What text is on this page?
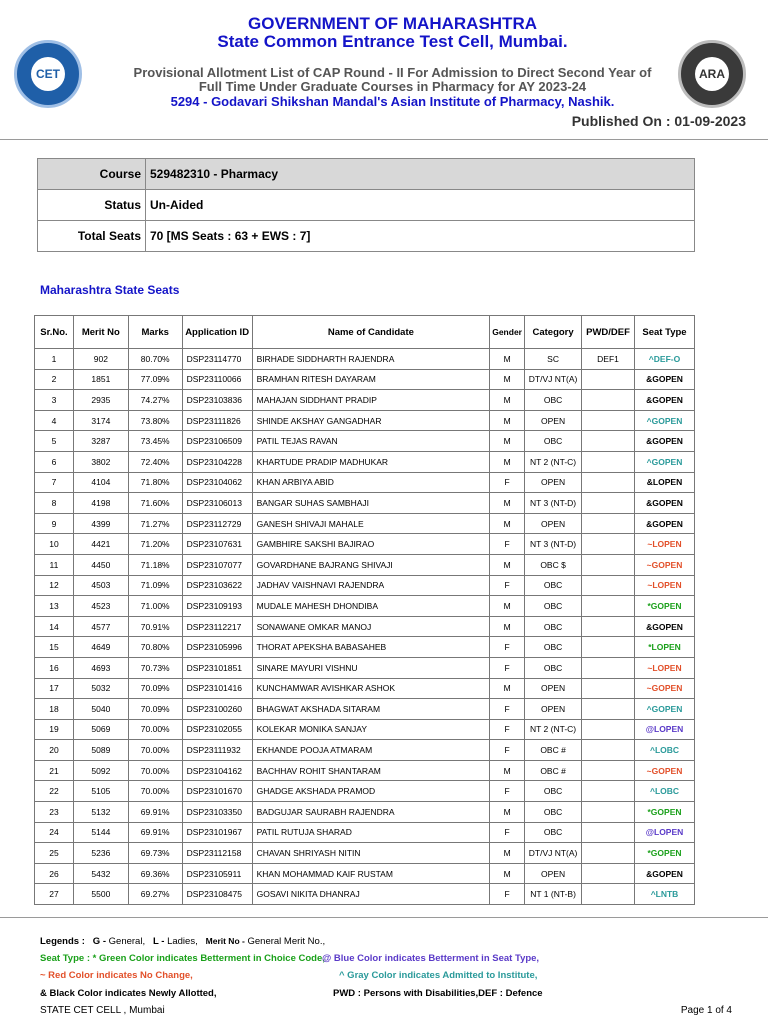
CET	ARA
GOVERNMENT OF MAHARASHTRA
State Common Entrance Test Cell, Mumbai.
Provisional Allotment List of CAP Round - II For Admission to Direct Second Year of
Full Time Under Graduate Courses in Pharmacy for AY 2023-24
5294 - Godavari Shikshan Mandal's Asian Institute of Pharmacy, Nashik.
Published On : 01-09-2023
Course	529482310 - Pharmacy
Status	Un-Aided
Total Seats	70 [MS Seats : 63 + EWS : 7]
Maharashtra State Seats
Sr.No.	Merit No	Marks	Application ID	Name of Candidate	Gender	Category	PWD/DEF	Seat Type
1	902	80.70%	DSP23114770	BIRHADE SIDDHARTH RAJENDRA	M	SC	DEF1	^DEF-O
2	1851	77.09%	DSP23110066	BRAMHAN RITESH DAYARAM	M	DT/VJ NT(A)		&GOPEN
3	2935	74.27%	DSP23103836	MAHAJAN SIDDHANT PRADIP	M	OBC		&GOPEN
4	3174	73.80%	DSP23111826	SHINDE AKSHAY GANGADHAR	M	OPEN		^GOPEN
5	3287	73.45%	DSP23106509	PATIL TEJAS RAVAN	M	OBC		&GOPEN
6	3802	72.40%	DSP23104228	KHARTUDE PRADIP MADHUKAR	M	NT 2 (NT-C)		^GOPEN
7	4104	71.80%	DSP23104062	KHAN ARBIYA ABID	F	OPEN		&LOPEN
8	4198	71.60%	DSP23106013	BANGAR SUHAS SAMBHAJI	M	NT 3 (NT-D)		&GOPEN
9	4399	71.27%	DSP23112729	GANESH SHIVAJI MAHALE	M	OPEN		&GOPEN
10	4421	71.20%	DSP23107631	GAMBHIRE SAKSHI BAJIRAO	F	NT 3 (NT-D)		~LOPEN
11	4450	71.18%	DSP23107077	GOVARDHANE BAJRANG SHIVAJI	M	OBC $		~GOPEN
12	4503	71.09%	DSP23103622	JADHAV VAISHNAVI RAJENDRA	F	OBC		~LOPEN
13	4523	71.00%	DSP23109193	MUDALE MAHESH DHONDIBA	M	OBC		*GOPEN
14	4577	70.91%	DSP23112217	SONAWANE OMKAR MANOJ	M	OBC		&GOPEN
15	4649	70.80%	DSP23105996	THORAT APEKSHA BABASAHEB	F	OBC		*LOPEN
16	4693	70.73%	DSP23101851	SINARE MAYURI VISHNU	F	OBC		~LOPEN
17	5032	70.09%	DSP23101416	KUNCHAMWAR AVISHKAR ASHOK	M	OPEN		~GOPEN
18	5040	70.09%	DSP23100260	BHAGWAT AKSHADA SITARAM	F	OPEN		^GOPEN
19	5069	70.00%	DSP23102055	KOLEKAR MONIKA SANJAY	F	NT 2 (NT-C)		@LOPEN
20	5089	70.00%	DSP23111932	EKHANDE POOJA ATMARAM	F	OBC #		^LOBC
21	5092	70.00%	DSP23104162	BACHHAV ROHIT SHANTARAM	M	OBC #		~GOPEN
22	5105	70.00%	DSP23101670	GHADGE AKSHADA PRAMOD	F	OBC		^LOBC
23	5132	69.91%	DSP23103350	BADGUJAR SAURABH RAJENDRA	M	OBC		*GOPEN
24	5144	69.91%	DSP23101967	PATIL RUTUJA SHARAD	F	OBC		@LOPEN
25	5236	69.73%	DSP23112158	CHAVAN SHRIYASH NITIN	M	DT/VJ NT(A)		*GOPEN
26	5432	69.36%	DSP23105911	KHAN MOHAMMAD KAIF RUSTAM	M	OPEN		&GOPEN
27	5500	69.27%	DSP23108475	GOSAVI NIKITA DHANRAJ	F	NT 1 (NT-B)		^LNTB
Legends : G - General, L - Ladies, Merit No - General Merit No.,
Seat Type : * Green Color indicates Betterment in Choice Code,
@ Blue Color indicates Betterment in Seat Type,
~ Red Color indicates No Change,	^ Gray Color indicates Admitted to Institute,
& Black Color indicates Newly Allotted,	PWD : Persons with Disabilities,DEF : Defence
STATE CET CELL , Mumbai	Page 1 of 4
